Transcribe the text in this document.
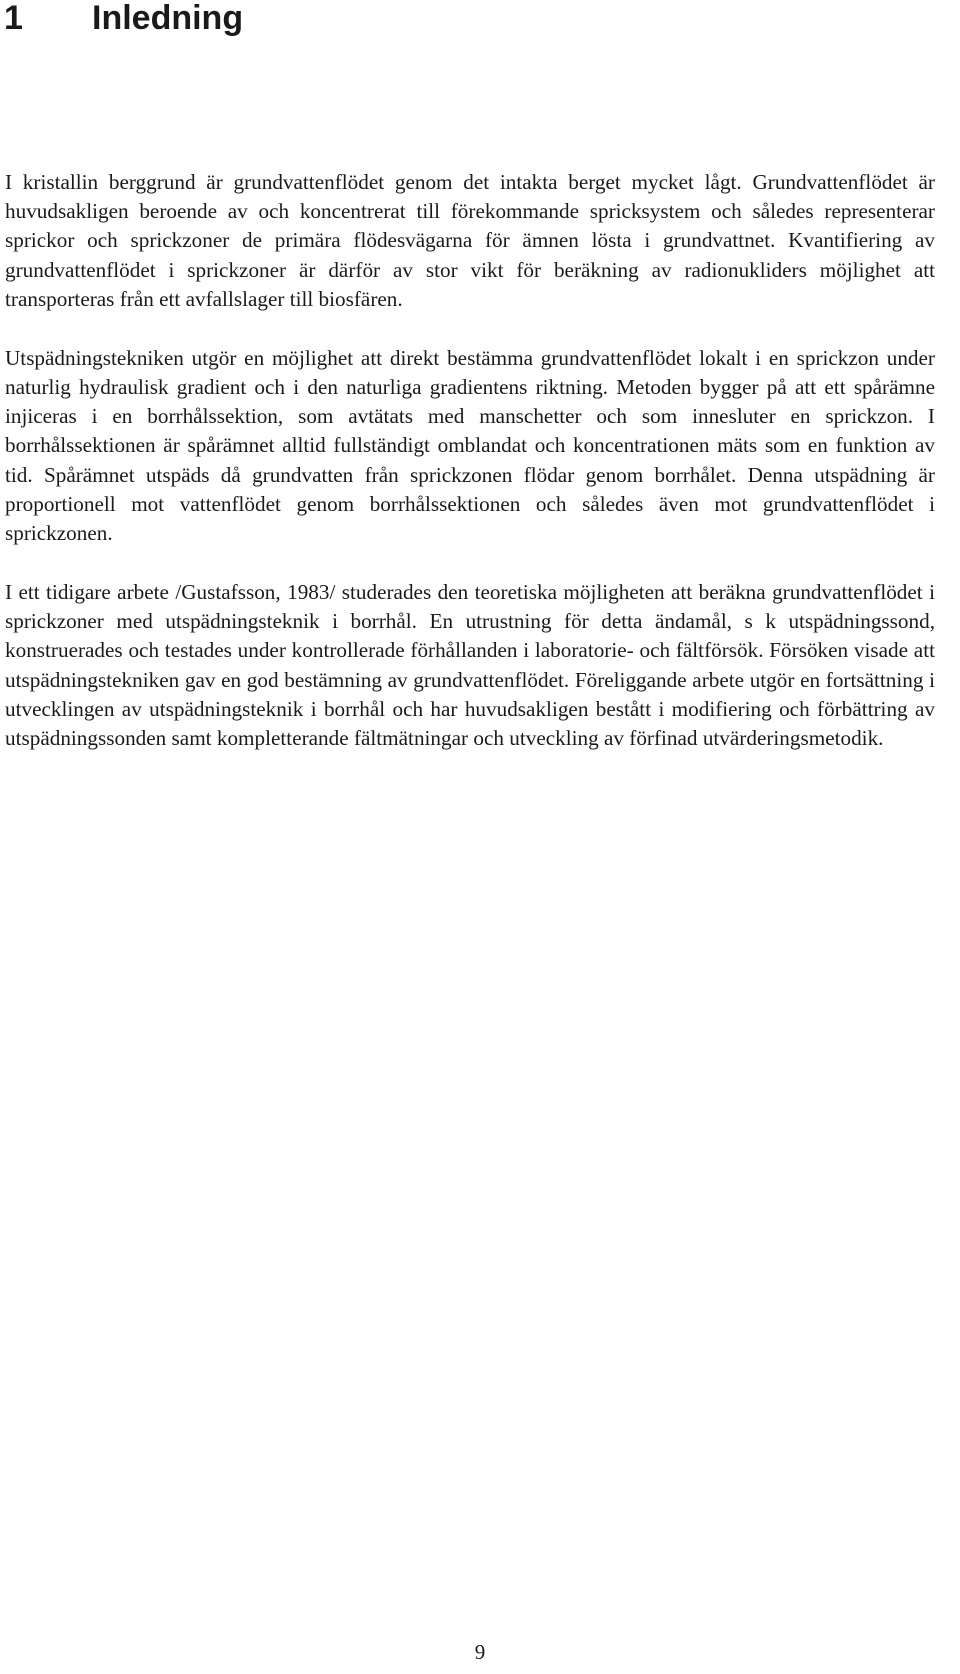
1 Inledning

I kristallin berggrund är grundvattenflödet genom det intakta berget mycket lågt. Grundvattenflödet är huvudsakligen beroende av och koncentrerat till förekommande spricksystem och således representerar sprickor och sprickzoner de primära flödesvägarna för ämnen lösta i grundvattnet. Kvantifiering av grundvattenflödet i sprickzoner är därför av stor vikt för beräkning av radionukliders möjlighet att transporteras från ett avfallslager till biosfären.

Utspädningstekniken utgör en möjlighet att direkt bestämma grundvattenflödet lokalt i en sprickzon under naturlig hydraulisk gradient och i den naturliga gradientens riktning. Metoden bygger på att ett spårämne injiceras i en borrhålssektion, som avtätats med manschetter och som innesluter en sprickzon. I borrhålssektionen är spårämnet alltid fullständigt omblandat och koncentrationen mäts som en funktion av tid. Spårämnet utspäds då grundvatten från sprickzonen flödar genom borrhålet. Denna utspädning är proportionell mot vattenflödet genom borrhålssektionen och således även mot grundvattenflödet i sprickzonen.

I ett tidigare arbete /Gustafsson, 1983/ studerades den teoretiska möjligheten att beräkna grundvattenflödet i sprickzoner med utspädningsteknik i borrhål. En utrustning för detta ändamål, s k utspädningssond, konstruerades och testades under kontrollerade förhållanden i laboratorie- och fältförsök. Försöken visade att utspädningstekniken gav en god bestämning av grundvattenflödet. Föreliggande arbete utgör en fortsättning i utvecklingen av utspädningsteknik i borrhål och har huvudsakligen bestått i modifiering och förbättring av utspädningssonden samt kompletterande fältmätningar och utveckling av förfinad utvärderingsmetodik.

9
